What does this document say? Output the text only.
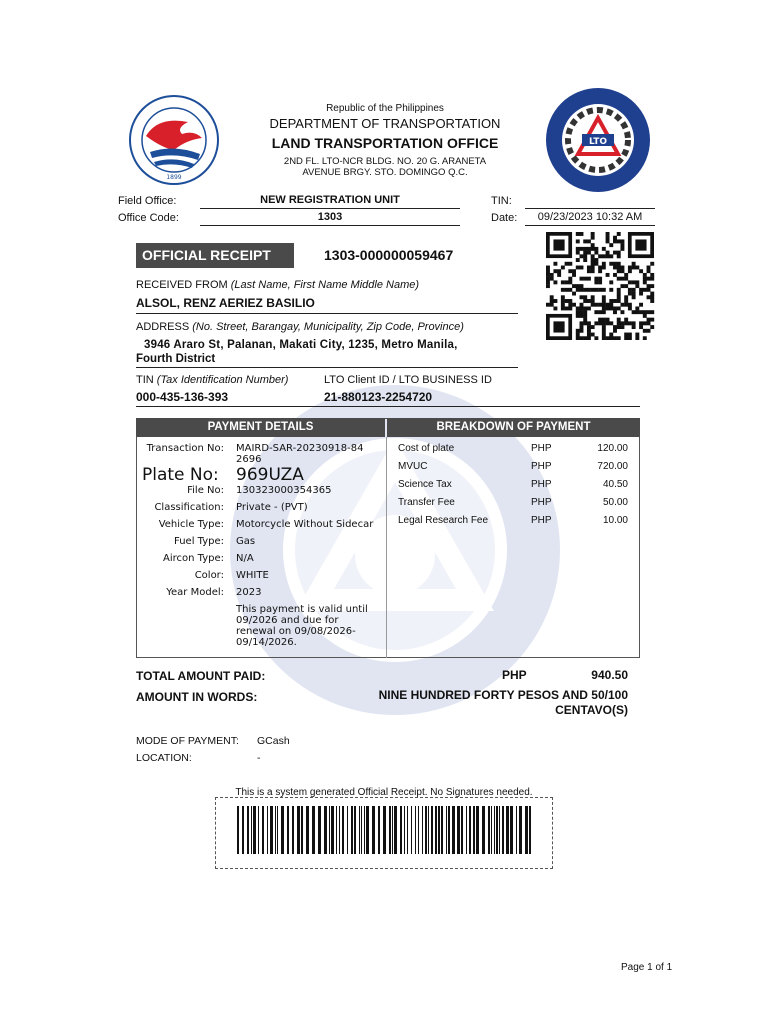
1899
Republic of the Philippines
DEPARTMENT OF TRANSPORTATION
LAND TRANSPORTATION OFFICE
2ND FL. LTO-NCR BLDG. NO. 20 G. ARANETA
AVENUE BRGY. STO. DOMINGO Q.C.
LTO
Field Office:	NEW REGISTRATION UNIT	TIN:
Office Code:	1303	Date:	09/23/2023 10:32 AM
OFFICIAL RECEIPT	1303-000000059467
RECEIVED FROM (Last Name, First Name Middle Name)
ALSOL, RENZ AERIEZ BASILIO
ADDRESS (No. Street, Barangay, Municipality, Zip Code, Province)
3946 Araro St, Palanan, Makati City, 1235, Metro Manila,
Fourth District
TIN (Tax Identification Number)	LTO Client ID / LTO BUSINESS ID
000-435-136-393	21-880123-2254720
PAYMENT DETAILS	BREAKDOWN OF PAYMENT
Transaction No: MAIRD-SAR-20230918-842696
Plate No: 969UZA
File No: 130323000354365
Classification: Private - (PVT)
Vehicle Type: Motorcycle Without Sidecar
Fuel Type: Gas
Aircon Type: N/A
Color: WHITE
Year Model: 2023
This payment is valid until 09/2026 and due for renewal on 09/08/2026-09/14/2026.
Cost of plate	PHP	120.00
MVUC	PHP	720.00
Science Tax	PHP	40.50
Transfer Fee	PHP	50.00
Legal Research Fee	PHP	10.00
TOTAL AMOUNT PAID:	PHP	940.50
AMOUNT IN WORDS:	NINE HUNDRED FORTY PESOS AND 50/100
CENTAVO(S)
MODE OF PAYMENT: GCash
LOCATION:	-
This is a system generated Official Receipt. No Signatures needed.
Page 1 of 1
